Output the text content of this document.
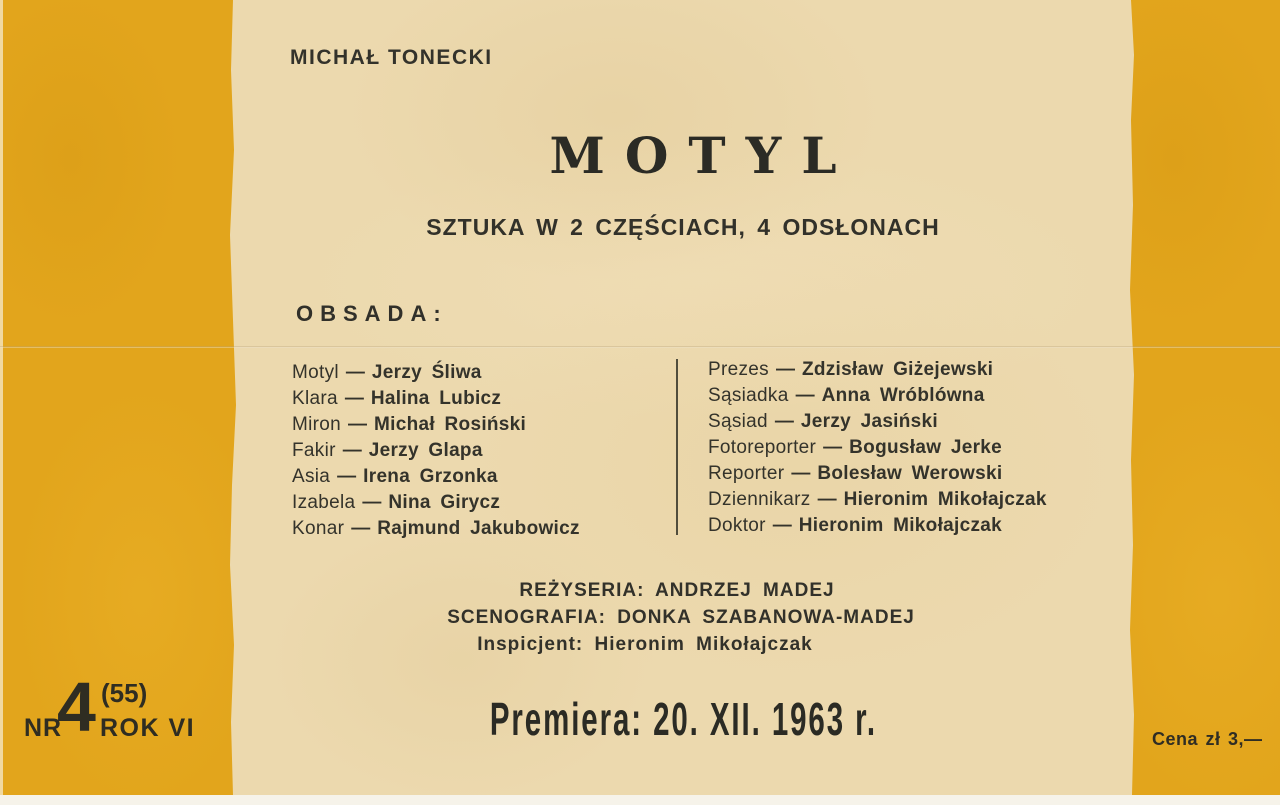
MICHAŁ TONECKI
MOTYL
SZTUKA W 2 CZĘŚCIACH, 4 ODSŁONACH
OBSADA:
Motyl — Jerzy Śliwa
Klara — Halina Lubicz
Miron — Michał Rosiński
Fakir — Jerzy Glapa
Asia — Irena Grzonka
Izabela — Nina Girycz
Konar — Rajmund Jakubowicz
Prezes — Zdzisław Giżejewski
Sąsiadka — Anna Wróblówna
Sąsiad — Jerzy Jasiński
Fotoreporter — Bogusław Jerke
Reporter — Bolesław Werowski
Dziennikarz — Hieronim Mikołajczak
Doktor — Hieronim Mikołajczak
REŻYSERIA: ANDRZEJ MADEJ
SCENOGRAFIA: DONKA SZABANOWA-MADEJ
Inspicjent: Hieronim Mikołajczak
Premiera: 20. XII. 1963 r.
NR
4 (55)
ROK VI	Cena zł 3,—
